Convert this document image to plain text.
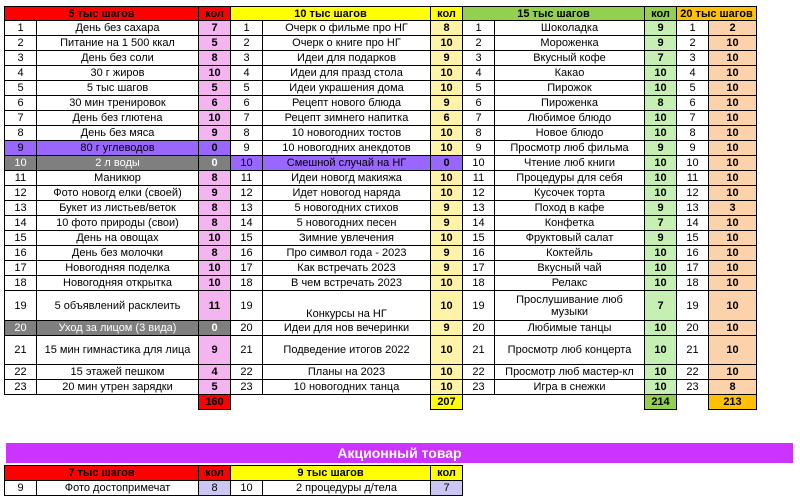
5 тыс шагов		кол	10 тыс шагов		кол	15 тыс шагов		кол	20 тыс шагов	
1	День без сахара	7	1	Очерк о фильме про НГ	8	1	Шоколадка	9	1	2
2	Питание на 1 500 ккал	5	2	Очерк о книге про НГ	10	2	Мороженка	9	2	10
3	День без соли	8	3	Идеи для подарков	9	3	Вкусный кофе	7	3	10
4	30 г жиров	10	4	Идеи для празд стола	10	4	Какао	10	4	10
5	5 тыс шагов	5	5	Идеи украшения дома	10	5	Пирожок	10	5	10
6	30 мин тренировок	6	6	Рецепт нового блюда	9	6	Пироженка	8	6	10
7	День без глютена	10	7	Рецепт зимнего напитка	6	7	Любимое блюдо	10	7	10
8	День без мяса	9	8	10 новогодних тостов	10	8	Новое блюдо	10	8	10
9	80 г углеводов	0	9	10 новогодних анекдотов	10	9	Просмотр люб фильма	9	9	10
10	2 л воды	0	10	Смешной случай на НГ	0	10	Чтение люб книги	10	10	10
11	Маникюр	8	11	Идеи новогд макияжа	10	11	Процедуры для себя	10	11	10
12	Фото новогд елки (своей)	9	12	Идет новогод наряда	10	12	Кусочек торта	10	12	10
13	Букет из листьев/веток	8	13	5 новогодних стихов	9	13	Поход в кафе	9	13	3
14	10 фото природы (свои)	8	14	5 новогодних песен	9	14	Конфетка	7	14	10
15	День на овощах	10	15	Зимние увлечения	10	15	Фруктовый салат	9	15	10
16	День без молочки	8	16	Про символ года - 2023	9	16	Коктейль	10	16	10
17	Новогодняя поделка	10	17	Как встречать 2023	9	17	Вкусный чай	10	17	10
18	Новогодняя открытка	10	18	В чем встречать 2023	10	18	Релакс	10	18	10
19	5 объявлений расклеить	11	19	Конкурсы на НГ	10	19	Прослушивание люб музыки	7	19	10
20	Уход за лицом (3 вида)	0	20	Идеи для нов вечеринки	9	20	Любимые танцы	10	20	10
21	15 мин гимнастика для лица	9	21	Подведение итогов 2022	10	21	Просмотр люб концерта	10	21	10
22	15 этажей пешком	4	22	Планы на 2023	10	22	Просмотр люб мастер-кл	10	22	10
23	20 мин утрен зарядки	5	23	10 новогодних танца	10	23	Игра в снежки	10	23	8
		160			207			214		213
Акционный товар
7 тыс шагов		кол	9 тыс шагов		кол
9	Фото достопримечат	8	10	2 процедуры д/тела	7
